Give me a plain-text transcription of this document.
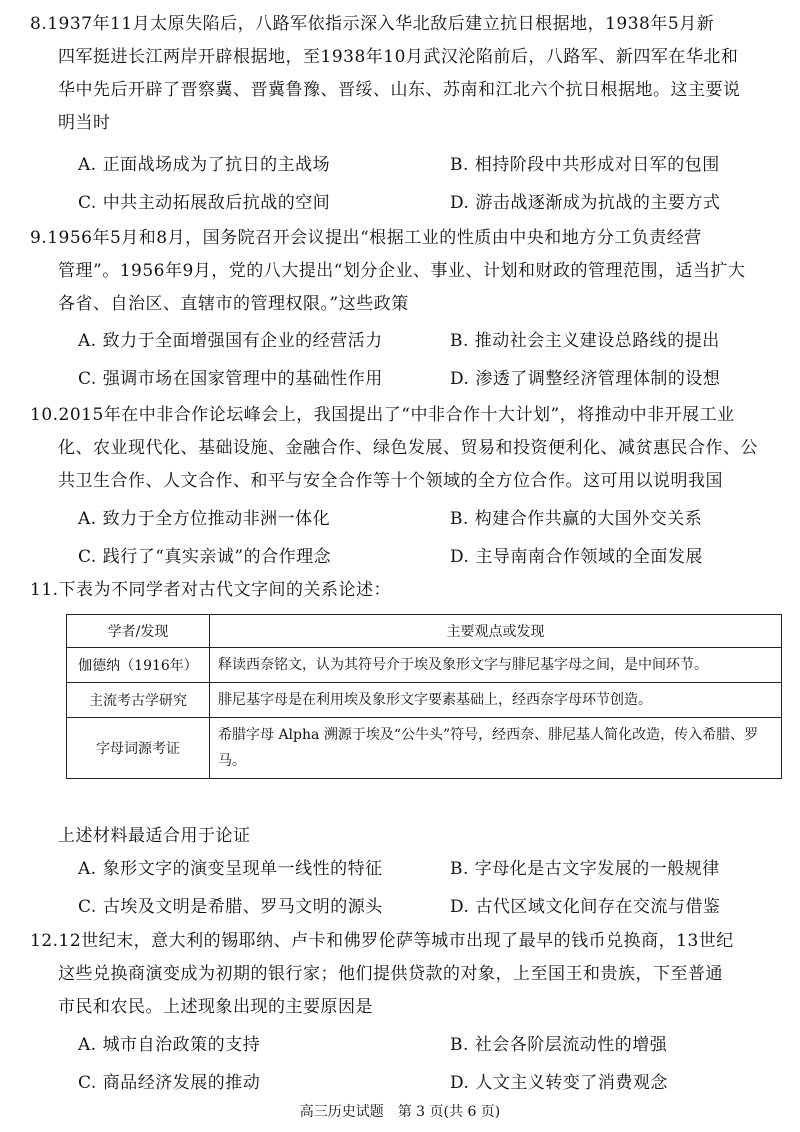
8.1937年11月太原失陷后，八路军依指示深入华北敌后建立抗日根据地，1938年5月新
四军挺进长江两岸开辟根据地，至1938年10月武汉沦陷前后，八路军、新四军在华北和
华中先后开辟了晋察冀、晋冀鲁豫、晋绥、山东、苏南和江北六个抗日根据地。这主要说
明当时
A. 正面战场成为了抗日的主战场	B. 相持阶段中共形成对日军的包围
C. 中共主动拓展敌后抗战的空间	D. 游击战逐渐成为抗战的主要方式
9.1956年5月和8月，国务院召开会议提出“根据工业的性质由中央和地方分工负责经营
管理”。1956年9月，党的八大提出“划分企业、事业、计划和财政的管理范围，适当扩大
各省、自治区、直辖市的管理权限。”这些政策
A. 致力于全面增强国有企业的经营活力	B. 推动社会主义建设总路线的提出
C. 强调市场在国家管理中的基础性作用	D. 渗透了调整经济管理体制的设想
10.2015年在中非合作论坛峰会上，我国提出了“中非合作十大计划”，将推动中非开展工业
化、农业现代化、基础设施、金融合作、绿色发展、贸易和投资便利化、减贫惠民合作、公
共卫生合作、人文合作、和平与安全合作等十个领域的全方位合作。这可用以说明我国
A. 致力于全方位推动非洲一体化	B. 构建合作共赢的大国外交关系
C. 践行了“真实亲诚”的合作理念	D. 主导南南合作领域的全面发展
11.下表为不同学者对古代文字间的关系论述：
学者/发现	主要观点或发现
伽德纳（1916年）	释读西奈铭文，认为其符号介于埃及象形文字与腓尼基字母之间，是中间环节。
主流考古学研究	腓尼基字母是在利用埃及象形文字要素基础上，经西奈字母环节创造。
字母词源考证	希腊字母 Alpha 溯源于埃及“公牛头”符号，经西奈、腓尼基人简化改造，传入希腊、罗马。
上述材料最适合用于论证
A. 象形文字的演变呈现单一线性的特征	B. 字母化是古文字发展的一般规律
C. 古埃及文明是希腊、罗马文明的源头	D. 古代区域文化间存在交流与借鉴
12.12世纪末，意大利的锡耶纳、卢卡和佛罗伦萨等城市出现了最早的钱币兑换商，13世纪
这些兑换商演变成为初期的银行家；他们提供贷款的对象，上至国王和贵族，下至普通
市民和农民。上述现象出现的主要原因是
A. 城市自治政策的支持	B. 社会各阶层流动性的增强
C. 商品经济发展的推动	D. 人文主义转变了消费观念
高三历史试题　第 3 页(共 6 页)
